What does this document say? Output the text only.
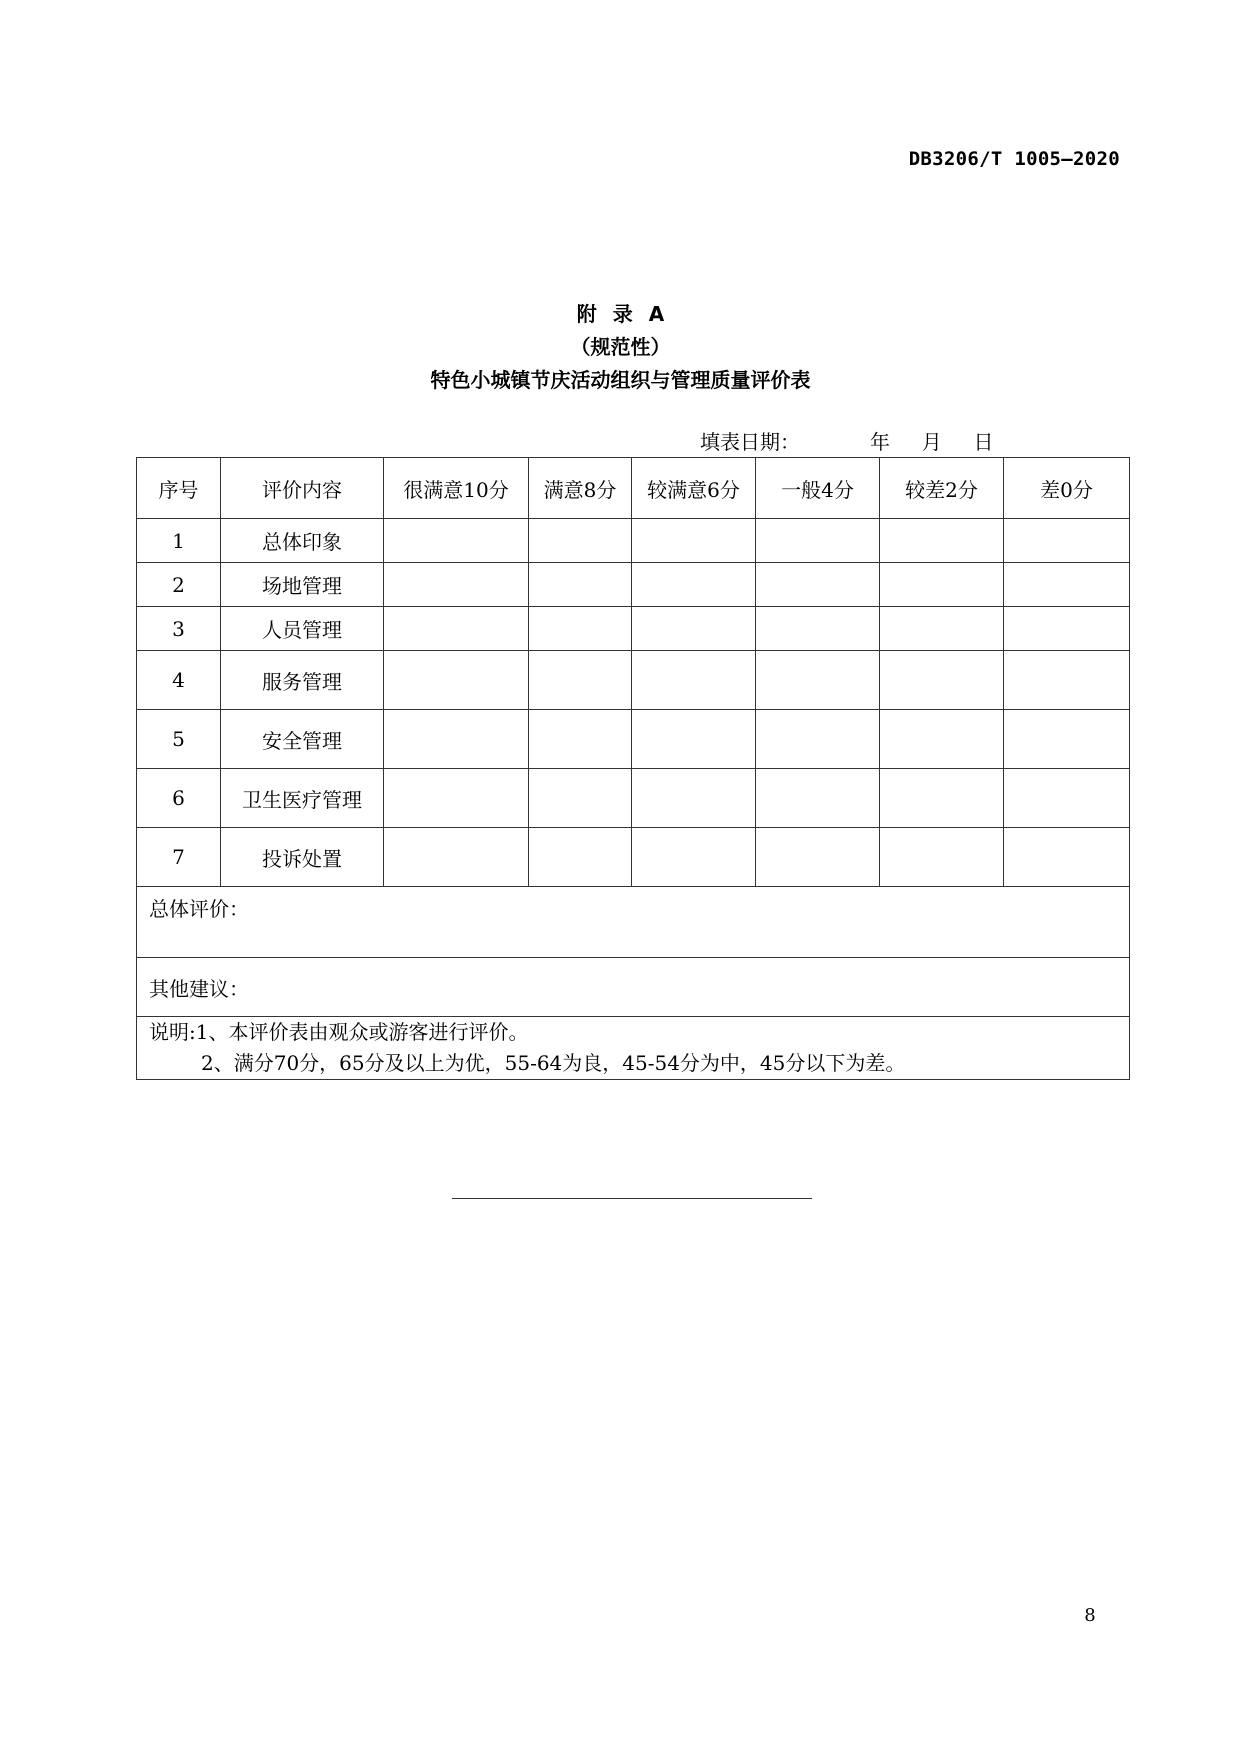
DB3206/T 1005—2020
附录A
（规范性）
特色小城镇节庆活动组织与管理质量评价表
填表日期：	年 月 日
序号	评价内容	很满意10分	满意8分	较满意6分	一般4分	较差2分	差0分
1	总体印象						
2	场地管理						
3	人员管理						
4	服务管理						
5	安全管理						
6	卫生医疗管理						
7	投诉处置						
总体评价：							
其他建议：							

说明:1、本评价表由观众或游客进行评价。
2、满分70分，65分及以上为优，55-64为良，45-54分为中，45分以下为差。							
8
